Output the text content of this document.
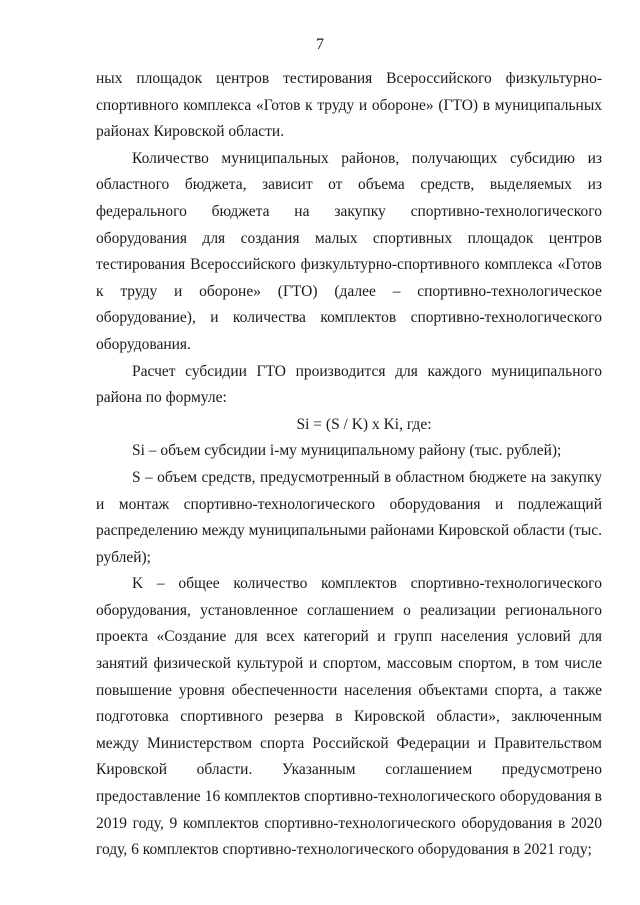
7

ных площадок центров тестирования Всероссийского физкультурно-спортивного комплекса «Готов к труду и обороне» (ГТО) в муниципальных районах Кировской области.

Количество муниципальных районов, получающих субсидию из областного бюджета, зависит от объема средств, выделяемых из федерального бюджета на закупку спортивно-технологического оборудования для создания малых спортивных площадок центров тестирования Всероссийского физкультурно-спортивного комплекса «Готов к труду и обороне» (ГТО) (далее – спортивно-технологическое оборудование), и количества комплектов спортивно-технологического оборудования.

Расчет субсидии ГТО производится для каждого муниципального района по формуле:

Si = (S / K) x Ki, где:

Si – объем субсидии i-му муниципальному району (тыс. рублей);

S – объем средств, предусмотренный в областном бюджете на закупку и монтаж спортивно-технологического оборудования и подлежащий распределению между муниципальными районами Кировской области (тыс. рублей);

K – общее количество комплектов спортивно-технологического оборудования, установленное соглашением о реализации регионального проекта «Создание для всех категорий и групп населения условий для занятий физической культурой и спортом, массовым спортом, в том числе повышение уровня обеспеченности населения объектами спорта, а также подготовка спортивного резерва в Кировской области», заключенным между Министерством спорта Российской Федерации и Правительством Кировской области. Указанным соглашением предусмотрено предоставление 16 комплектов спортивно-технологического оборудования в 2019 году, 9 комплектов спортивно-технологического оборудования в 2020 году, 6 комплектов спортивно-технологического оборудования в 2021 году;
